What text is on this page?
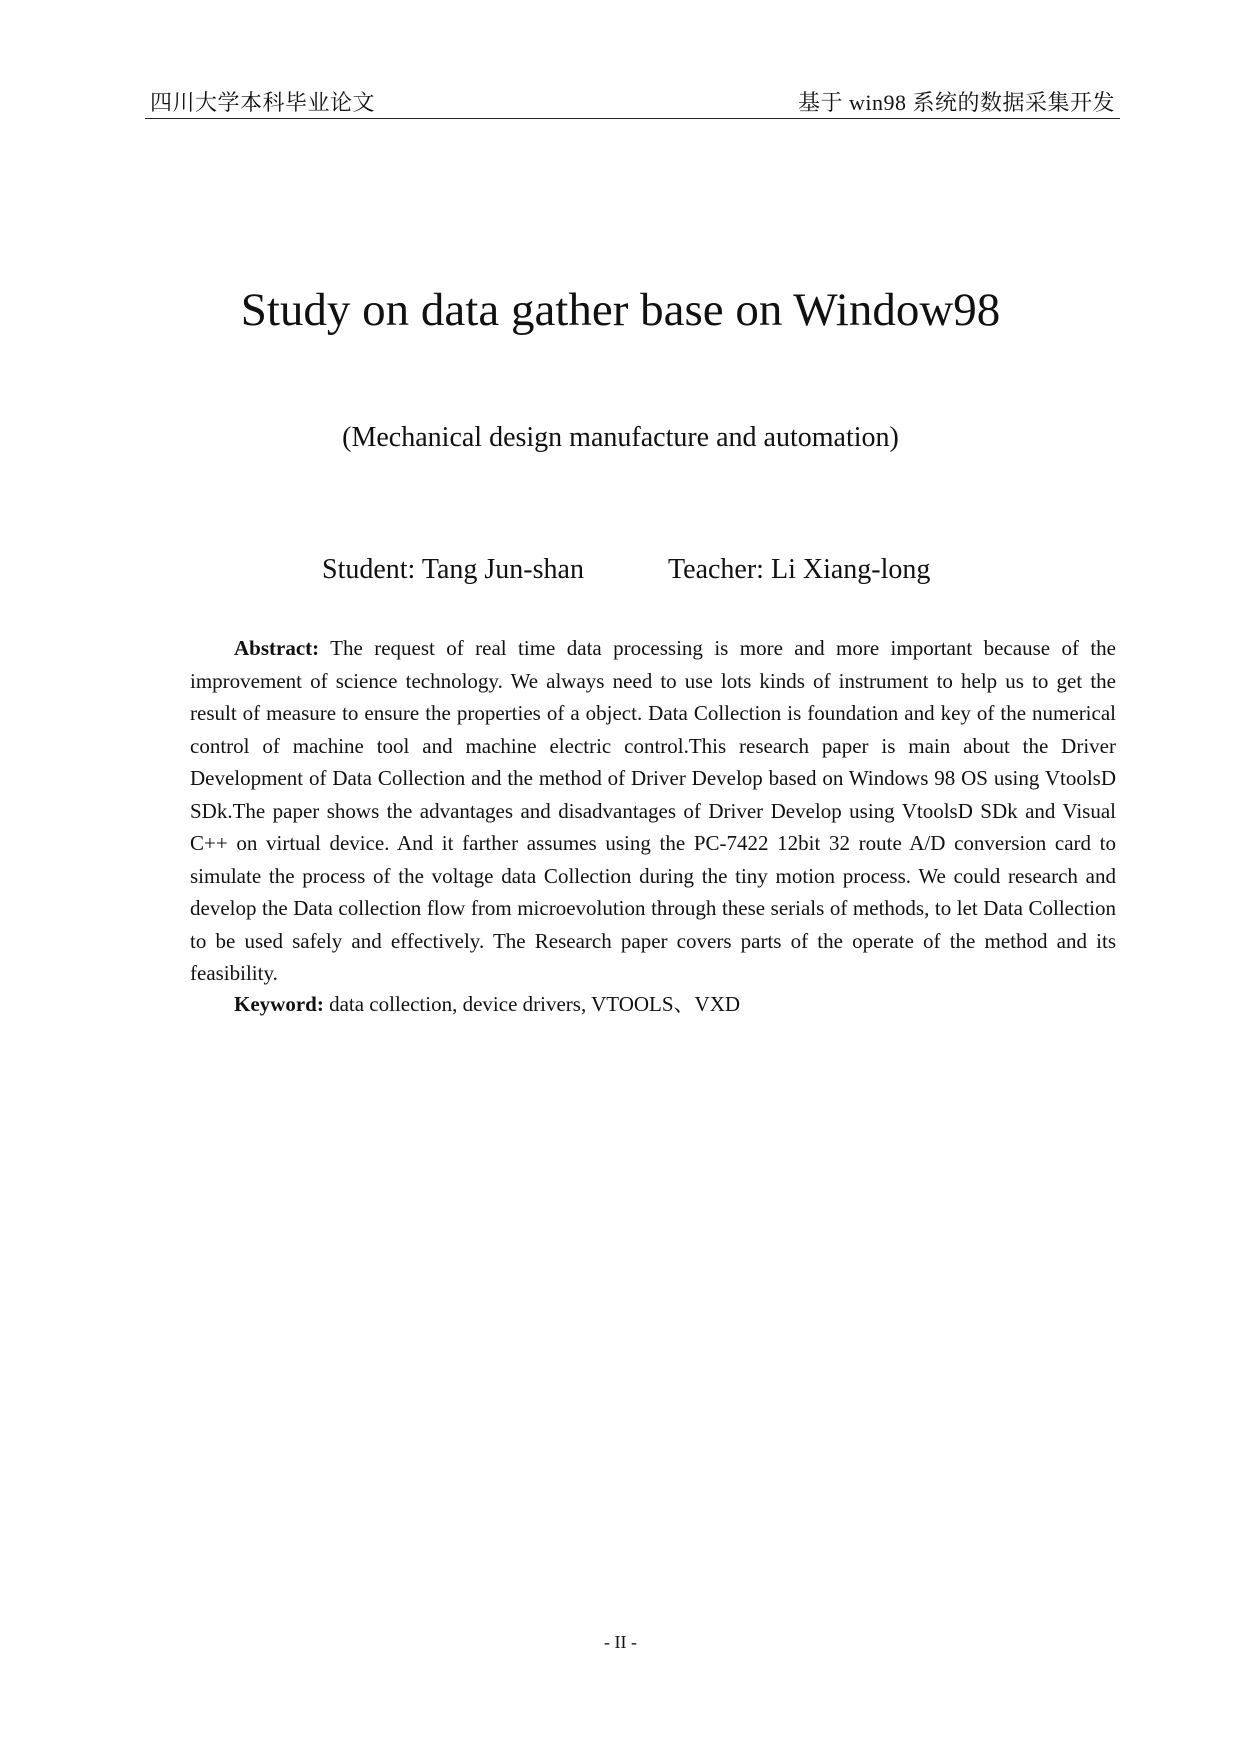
四川大学本科毕业论文	基于 win98 系统的数据采集开发
Study on data gather base on Window98
(Mechanical design manufacture and automation)
Student: Tang Jun-shan	Teacher: Li Xiang-long

Abstract: The request of real time data processing is more and more important because of the improvement of science technology. We always need to use lots kinds of instrument to help us to get the result of measure to ensure the properties of a object. Data Collection is foundation and key of the numerical control of machine tool and machine electric control.This research paper is main about the Driver Development of Data Collection and the method of Driver Develop based on Windows 98 OS using VtoolsD SDk.The paper shows the advantages and disadvantages of Driver Develop using VtoolsD SDk and Visual C++ on virtual device. And it farther assumes using the PC-7422 12bit 32 route A/D conversion card to simulate the process of the voltage data Collection during the tiny motion process. We could research and develop the Data collection flow from microevolution through these serials of methods, to let Data Collection to be used safely and effectively. The Research paper covers parts of the operate of the method and its feasibility.

Keyword: data collection, device drivers, VTOOLS、VXD

- II -
